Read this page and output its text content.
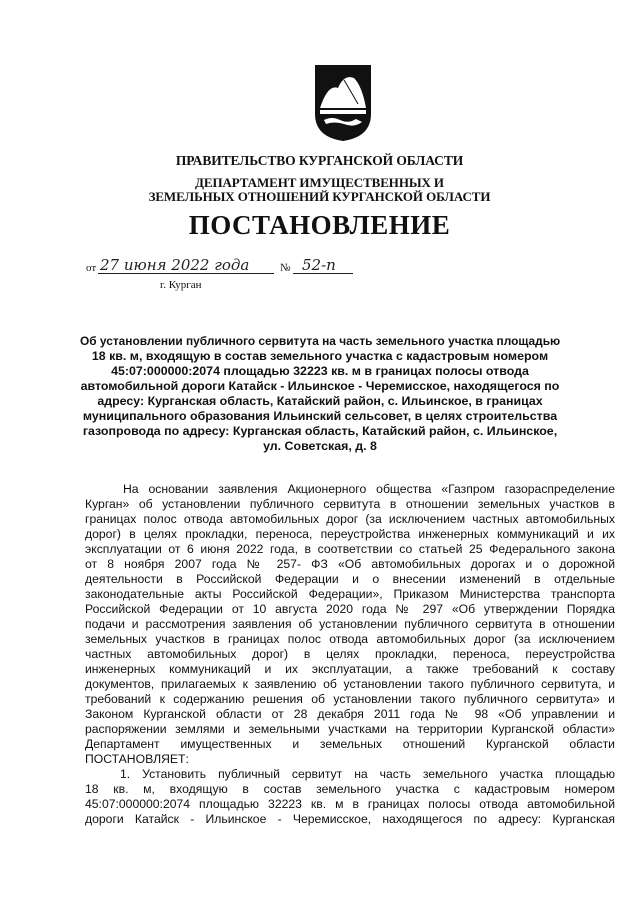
ПРАВИТЕЛЬСТВО КУРГАНСКОЙ ОБЛАСТИ
ДЕПАРТАМЕНТ ИМУЩЕСТВЕННЫХ И
ЗЕМЕЛЬНЫХ ОТНОШЕНИЙ КУРГАНСКОЙ ОБЛАСТИ
ПОСТАНОВЛЕНИЕ
от 27 июня 2022 года	№ 52-п
г. Курган
Об установлении публичного сервитута на часть земельного участка площадью
18 кв. м, входящую в состав земельного участка с кадастровым номером
45:07:000000:2074 площадью 32223 кв. м в границах полосы отвода
автомобильной дороги Катайск - Ильинское - Черемисское, находящегося по
адресу: Курганская область, Катайский район, с. Ильинское, в границах
муниципального образования Ильинский сельсовет, в целях строительства
газопровода по адресу: Курганская область, Катайский район, с. Ильинское,
ул. Советская, д. 8
На основании заявления Акционерного общества «Газпром газораспределение
Курган» об установлении публичного сервитута в отношении земельных участков в
границах полос отвода автомобильных дорог (за исключением частных автомобильных
дорог) в целях прокладки, переноса, переустройства инженерных коммуникаций и их
эксплуатации от 6 июня 2022 года, в соответствии со статьей 25 Федерального закона
от 8 ноября 2007 года № 257- ФЗ «Об автомобильных дорогах и о дорожной
деятельности в Российской Федерации и о внесении изменений в отдельные
законодательные акты Российской Федерации», Приказом Министерства транспорта
Российской Федерации от 10 августа 2020 года № 297 «Об утверждении Порядка
подачи и рассмотрения заявления об установлении публичного сервитута в отношении
земельных участков в границах полос отвода автомобильных дорог (за исключением
частных автомобильных дорог) в целях прокладки, переноса, переустройства
инженерных коммуникаций и их эксплуатации, а также требований к составу
документов, прилагаемых к заявлению об установлении такого публичного сервитута, и
требований к содержанию решения об установлении такого публичного сервитута» и
Законом Курганской области от 28 декабря 2011 года № 98 «Об управлении и
распоряжении землями и земельными участками на территории Курганской области»
Департамент имущественных и земельных отношений Курганской области
ПОСТАНОВЛЯЕТ:
1. Установить публичный сервитут на часть земельного участка площадью
18 кв. м, входящую в состав земельного участка с кадастровым номером
45:07:000000:2074 площадью 32223 кв. м в границах полосы отвода автомобильной
дороги Катайск - Ильинское - Черемисское, находящегося по адресу: Курганская
